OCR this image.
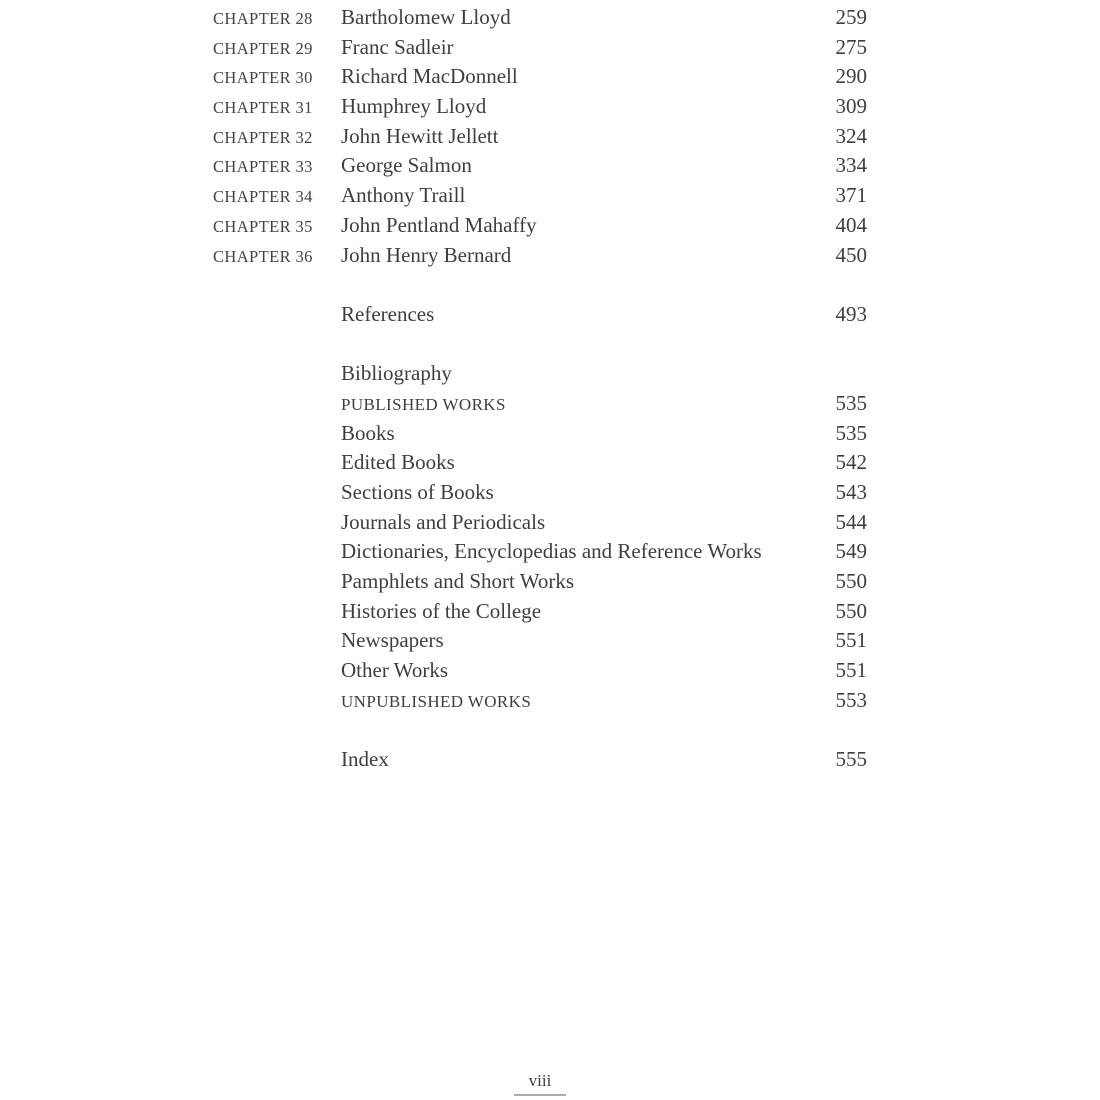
CHAPTER 28	Bartholomew Lloyd	259
CHAPTER 29	Franc Sadleir	275
CHAPTER 30	Richard MacDonnell	290
CHAPTER 31	Humphrey Lloyd	309
CHAPTER 32	John Hewitt Jellett	324
CHAPTER 33	George Salmon	334
CHAPTER 34	Anthony Traill	371
CHAPTER 35	John Pentland Mahaffy	404
CHAPTER 36	John Henry Bernard	450
References	493
Bibliography
PUBLISHED WORKS	535
Books	535
Edited Books	542
Sections of Books	543
Journals and Periodicals	544
Dictionaries, Encyclopedias and Reference Works	549
Pamphlets and Short Works	550
Histories of the College	550
Newspapers	551
Other Works	551
UNPUBLISHED WORKS	553
Index	555
viii
